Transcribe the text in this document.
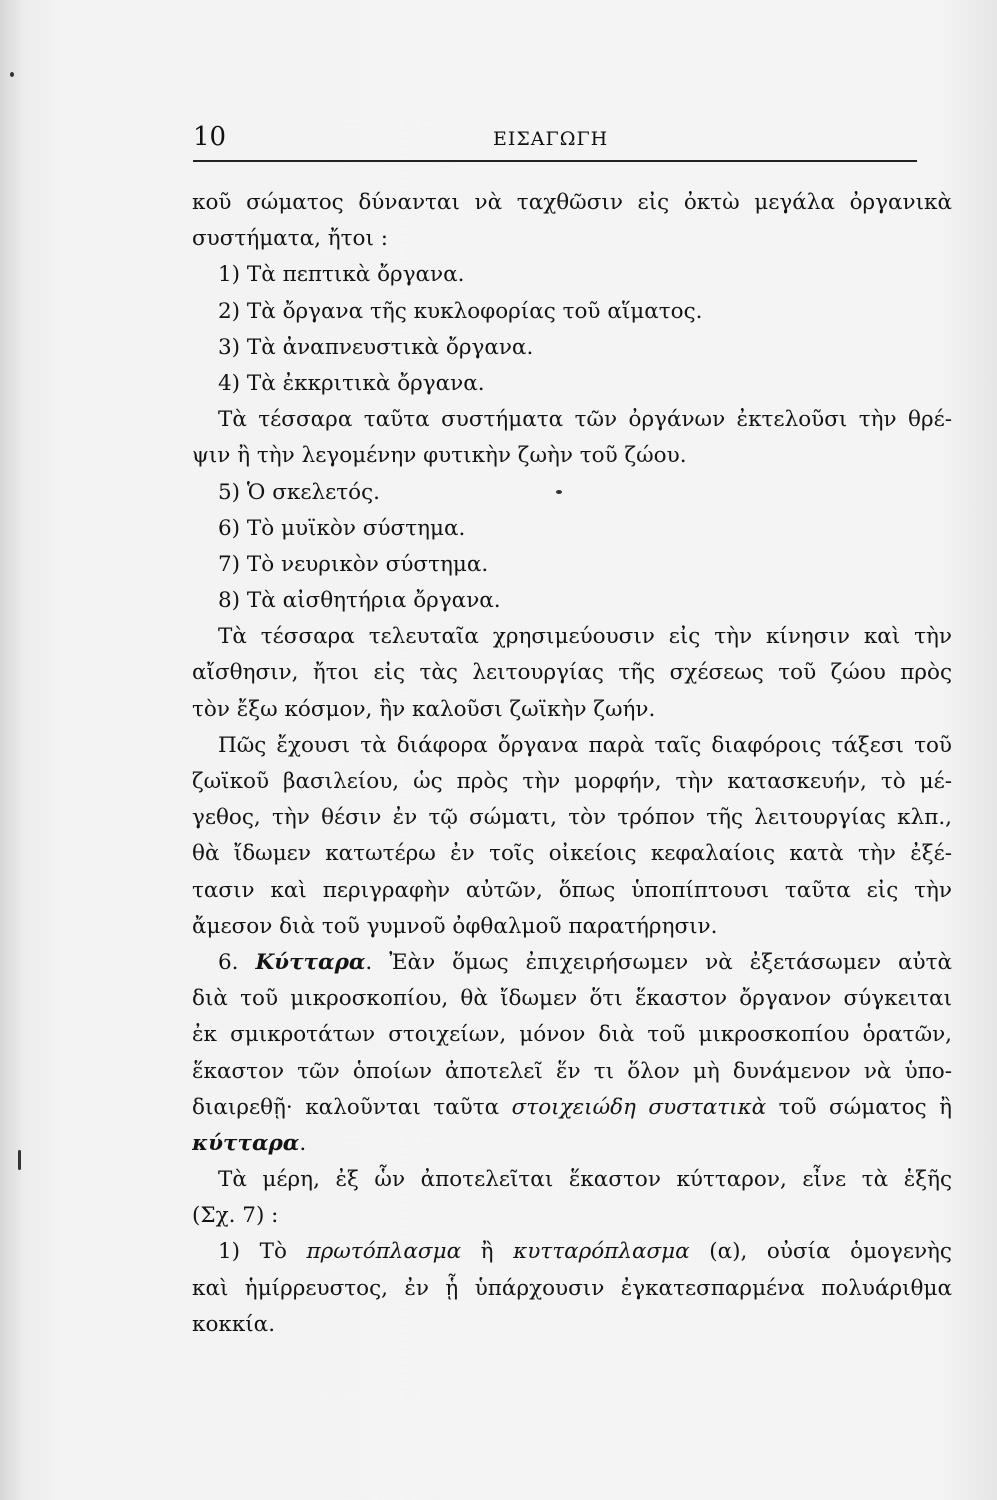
10	ΕΙΣΑΓΩΓΗ
κοῦ σώματος δύνανται νὰ ταχθῶσιν εἰς ὀκτὼ μεγάλα ὀργανικὰ
συστήματα, ἤτοι :
1) Τὰ πεπτικὰ ὄργανα.
2) Τὰ ὄργανα τῆς κυκλοφορίας τοῦ αἵματος.
3) Τὰ ἀναπνευστικὰ ὄργανα.
4) Τὰ ἐκκριτικὰ ὄργανα.
Τὰ τέσσαρα ταῦτα συστήματα τῶν ὀργάνων ἐκτελοῦσι τὴν θρέ-
ψιν ἢ τὴν λεγομένην φυτικὴν ζωὴν τοῦ ζώου.
5) Ὁ σκελετός.
6) Τὸ μυϊκὸν σύστημα.
7) Τὸ νευρικὸν σύστημα.
8) Τὰ αἰσθητήρια ὄργανα.
Τὰ τέσσαρα τελευταῖα χρησιμεύουσιν εἰς τὴν κίνησιν καὶ τὴν
αἴσθησιν, ἤτοι εἰς τὰς λειτουργίας τῆς σχέσεως τοῦ ζώου πρὸς
τὸν ἔξω κόσμον, ἣν καλοῦσι ζωϊκὴν ζωήν.
Πῶς ἔχουσι τὰ διάφορα ὄργανα παρὰ ταῖς διαφόροις τάξεσι τοῦ
ζωϊκοῦ βασιλείου, ὡς πρὸς τὴν μορφήν, τὴν κατασκευήν, τὸ μέ-
γεθος, τὴν θέσιν ἐν τῷ σώματι, τὸν τρόπον τῆς λειτουργίας κλπ.,
θὰ ἴδωμεν κατωτέρω ἐν τοῖς οἰκείοις κεφαλαίοις κατὰ τὴν ἐξέ-
τασιν καὶ περιγραφὴν αὐτῶν, ὅπως ὑποπίπτουσι ταῦτα εἰς τὴν
ἄμεσον διὰ τοῦ γυμνοῦ ὀφθαλμοῦ παρατήρησιν.
6. Κύτταρα. Ἐὰν ὅμως ἐπιχειρήσωμεν νὰ ἐξετάσωμεν αὐτὰ
διὰ τοῦ μικροσκοπίου, θὰ ἴδωμεν ὅτι ἕκαστον ὄργανον σύγκειται
ἐκ σμικροτάτων στοιχείων, μόνον διὰ τοῦ μικροσκοπίου ὁρατῶν,
ἕκαστον τῶν ὁποίων ἀποτελεῖ ἕν τι ὅλον μὴ δυνάμενον νὰ ὑπο-
διαιρεθῇ· καλοῦνται ταῦτα στοιχειώδη συστατικὰ τοῦ σώματος ἢ
κύτταρα.
Τὰ μέρη, ἐξ ὧν ἀποτελεῖται ἕκαστον κύτταρον, εἶνε τὰ ἑξῆς
(Σχ. 7) :
1) Τὸ πρωτόπλασμα ἢ κυτταρόπλασμα (α), οὐσία ὁμογενὴς
καὶ ἡμίρρευστος, ἐν ᾗ ὑπάρχουσιν ἐγκατεσπαρμένα πολυάριθμα
κοκκία.
